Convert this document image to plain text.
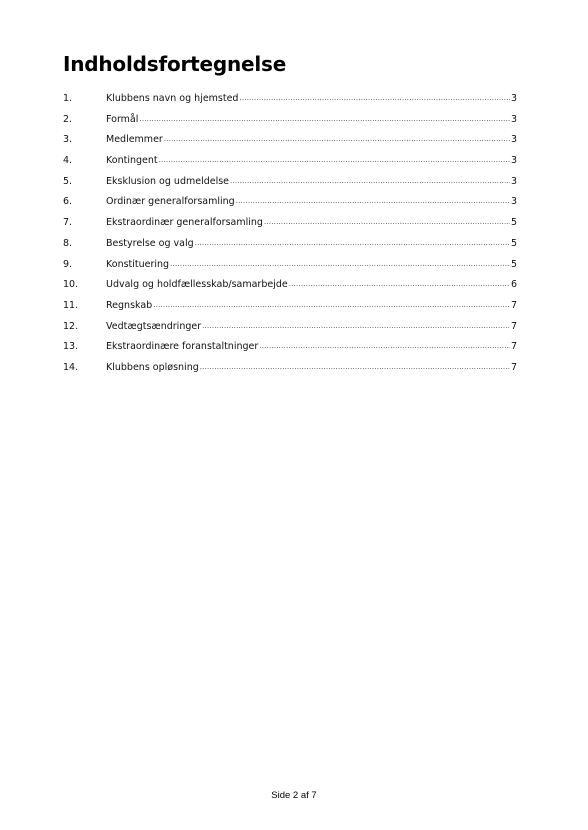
Indholdsfortegnelse
1.	Klubbens navn og hjemsted .....	3
2.	Formål .....	3
3.	Medlemmer .....	3
4.	Kontingent .....	3
5.	Eksklusion og udmeldelse .....	3
6.	Ordinær generalforsamling .....	3
7.	Ekstraordinær generalforsamling .....	5
8.	Bestyrelse og valg .....	5
9.	Konstituering .....	5
10.	Udvalg og holdfællesskab/samarbejde .....	6
11.	Regnskab .....	7
12.	Vedtægtsændringer .....	7
13.	Ekstraordinære foranstaltninger .....	7
14.	Klubbens opløsning .....	7
Side 2 af 7
